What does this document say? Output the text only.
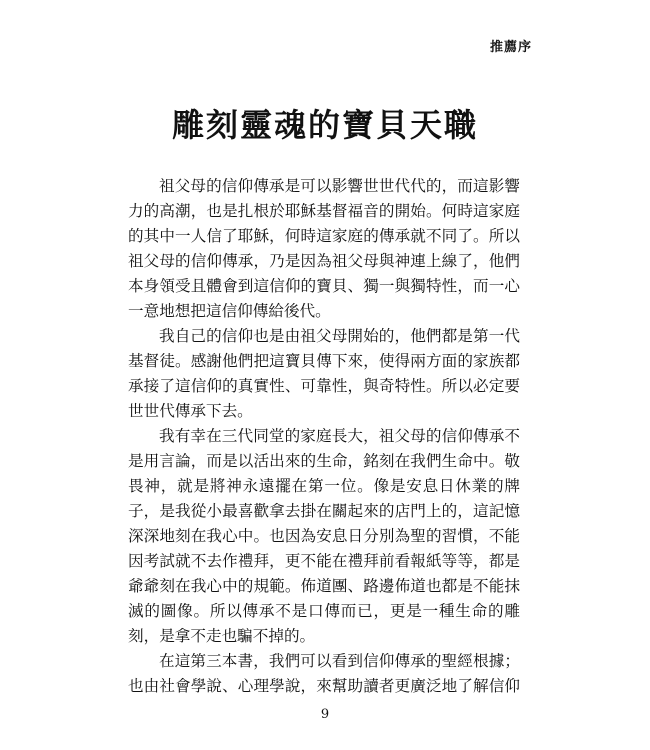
推薦序
雕刻靈魂的寶貝天職
祖父母的信仰傳承是可以影響世世代代的，而這影響
力的高潮，也是扎根於耶穌基督福音的開始。何時這家庭
的其中一人信了耶穌，何時這家庭的傳承就不同了。所以
祖父母的信仰傳承，乃是因為祖父母與神連上線了，他們
本身領受且體會到這信仰的寶貝、獨一與獨特性，而一心
一意地想把這信仰傳給後代。
我自己的信仰也是由祖父母開始的，他們都是第一代
基督徒。感謝他們把這寶貝傳下來，使得兩方面的家族都
承接了這信仰的真實性、可靠性，與奇特性。所以必定要
世世代傳承下去。
我有幸在三代同堂的家庭長大，祖父母的信仰傳承不
是用言論，而是以活出來的生命，銘刻在我們生命中。敬
畏神，就是將神永遠擺在第一位。像是安息日休業的牌
子，是我從小最喜歡拿去掛在關起來的店門上的，這記憶
深深地刻在我心中。也因為安息日分別為聖的習慣，不能
因考試就不去作禮拜，更不能在禮拜前看報紙等等，都是
爺爺刻在我心中的規範。佈道團、路邊佈道也都是不能抹
滅的圖像。所以傳承不是口傳而已，更是一種生命的雕
刻，是拿不走也騙不掉的。
在這第三本書，我們可以看到信仰傳承的聖經根據；
也由社會學說、心理學說，來幫助讀者更廣泛地了解信仰
9
